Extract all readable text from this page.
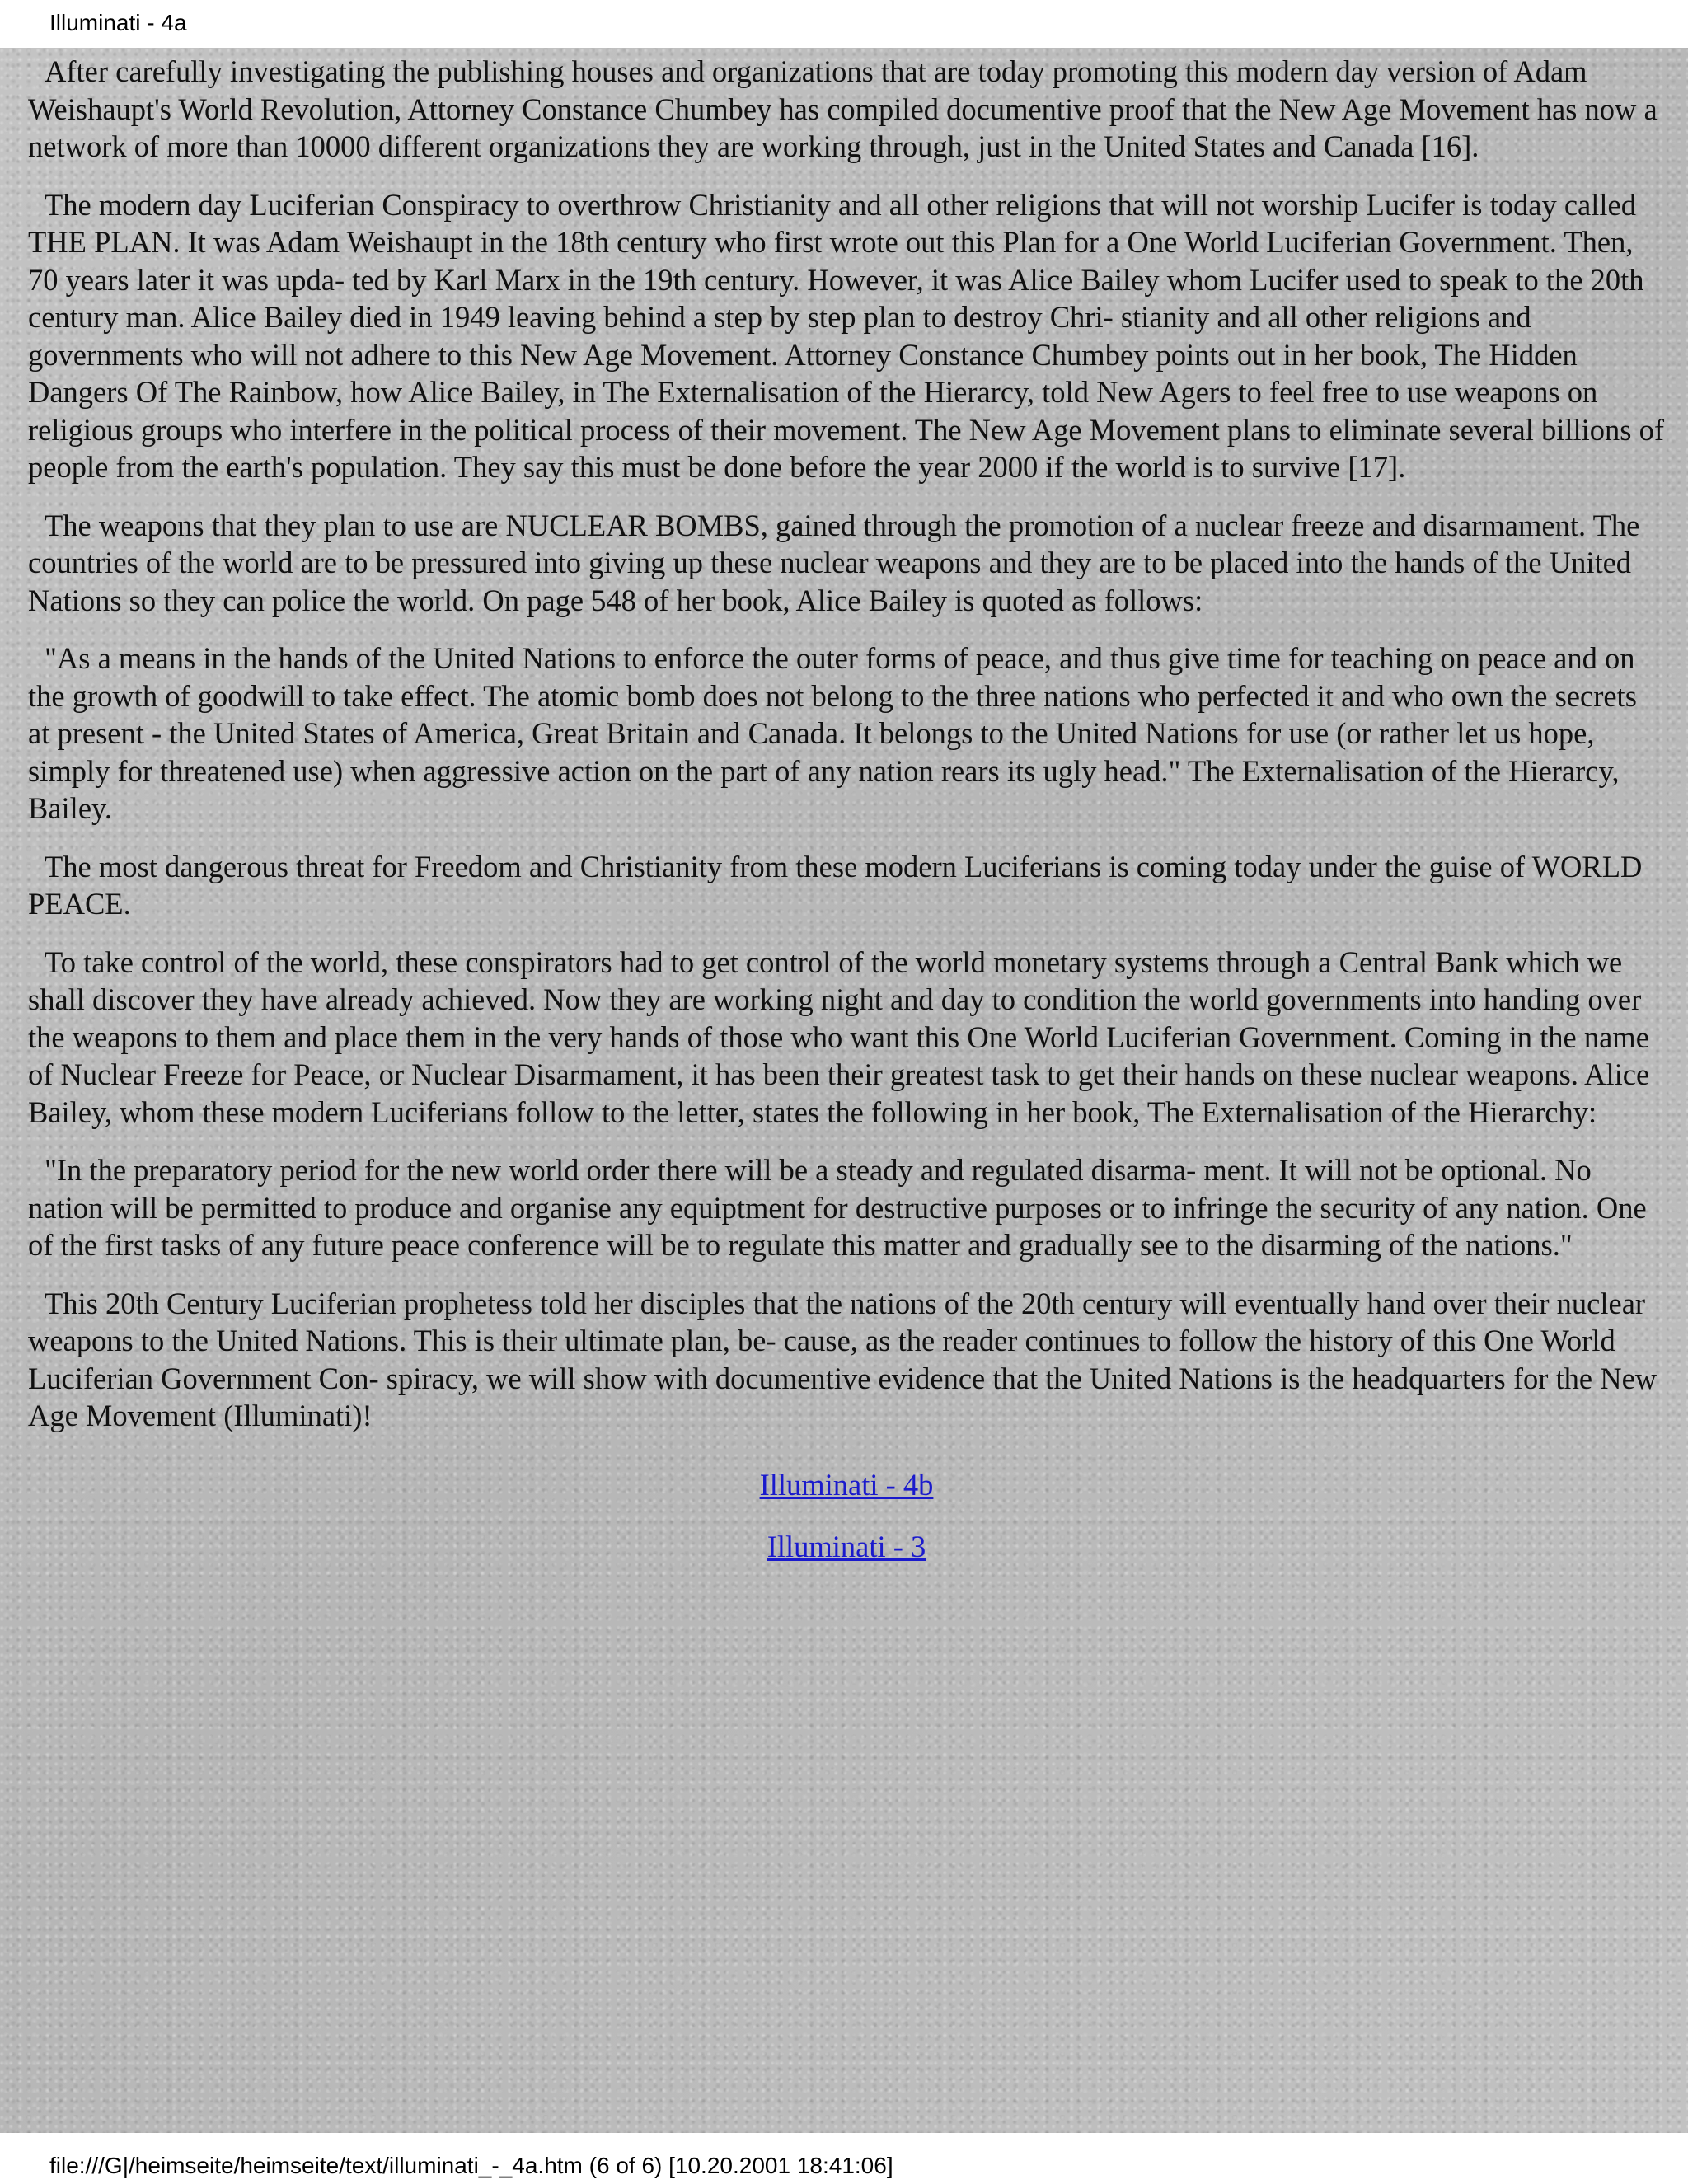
Illuminati - 4a

After carefully investigating the publishing houses and organizations that are today promoting this modern day version of Adam Weishaupt's World Revolution, Attorney Constance Chumbey has compiled documentive proof that the New Age Movement has now a network of more than 10000 different organizations they are working through, just in the United States and Canada [16].

The modern day Luciferian Conspiracy to overthrow Christianity and all other religions that will not worship Lucifer is today called THE PLAN. It was Adam Weishaupt in the 18th century who first wrote out this Plan for a One World Luciferian Government. Then, 70 years later it was upda- ted by Karl Marx in the 19th century. However, it was Alice Bailey whom Lucifer used to speak to the 20th century man. Alice Bailey died in 1949 leaving behind a step by step plan to destroy Chri- stianity and all other religions and governments who will not adhere to this New Age Movement. Attorney Constance Chumbey points out in her book, The Hidden Dangers Of The Rainbow, how Alice Bailey, in The Externalisation of the Hierarcy, told New Agers to feel free to use weapons on religious groups who interfere in the political process of their movement. The New Age Movement plans to eliminate several billions of people from the earth's population. They say this must be done before the year 2000 if the world is to survive [17].

The weapons that they plan to use are NUCLEAR BOMBS, gained through the promotion of a nuclear freeze and disarmament. The countries of the world are to be pressured into giving up these nuclear weapons and they are to be placed into the hands of the United Nations so they can police the world. On page 548 of her book, Alice Bailey is quoted as follows:

"As a means in the hands of the United Nations to enforce the outer forms of peace, and thus give time for teaching on peace and on the growth of goodwill to take effect. The atomic bomb does not belong to the three nations who perfected it and who own the secrets at present - the United States of America, Great Britain and Canada. It belongs to the United Nations for use (or rather let us hope, simply for threatened use) when aggressive action on the part of any nation rears its ugly head." The Externalisation of the Hierarcy, Bailey.

The most dangerous threat for Freedom and Christianity from these modern Luciferians is coming today under the guise of WORLD PEACE.

To take control of the world, these conspirators had to get control of the world monetary systems through a Central Bank which we shall discover they have already achieved. Now they are working night and day to condition the world governments into handing over the weapons to them and place them in the very hands of those who want this One World Luciferian Government. Coming in the name of Nuclear Freeze for Peace, or Nuclear Disarmament, it has been their greatest task to get their hands on these nuclear weapons. Alice Bailey, whom these modern Luciferians follow to the letter, states the following in her book, The Externalisation of the Hierarchy:

"In the preparatory period for the new world order there will be a steady and regulated disarma- ment. It will not be optional. No nation will be permitted to produce and organise any equiptment for destructive purposes or to infringe the security of any nation. One of the first tasks of any future peace conference will be to regulate this matter and gradually see to the disarming of the nations."

This 20th Century Luciferian prophetess told her disciples that the nations of the 20th century will eventually hand over their nuclear weapons to the United Nations. This is their ultimate plan, be- cause, as the reader continues to follow the history of this One World Luciferian Government Con- spiracy, we will show with documentive evidence that the United Nations is the headquarters for the New Age Movement (Illuminati)!

Illuminati - 4b
Illuminati - 3
file:///G|/heimseite/heimseite/text/illuminati_-_4a.htm (6 of 6) [10.20.2001 18:41:06]
